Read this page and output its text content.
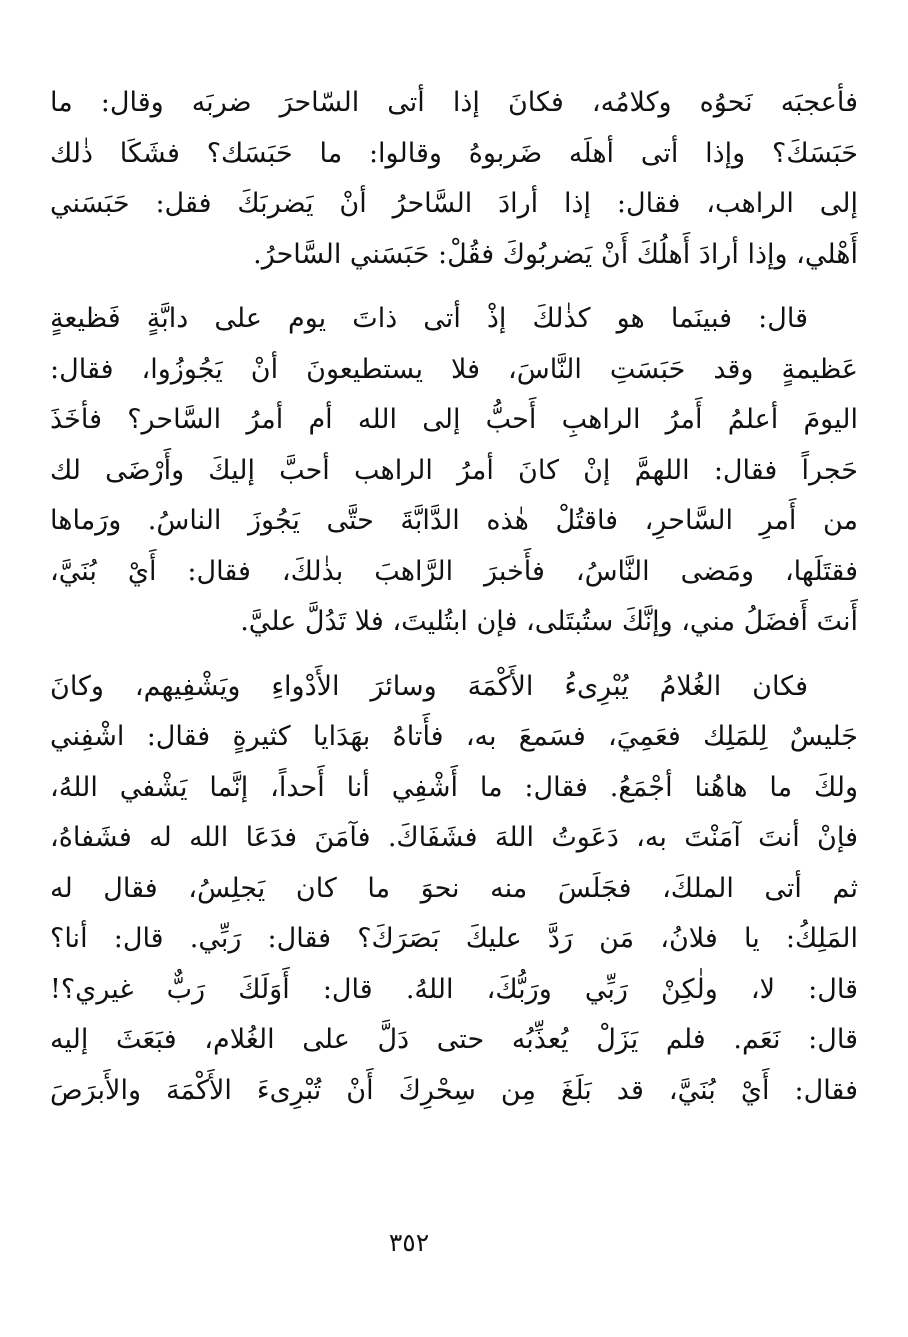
فأعجبَه نَحوُه وكلامُه، فكانَ إذا أتى السّاحرَ ضربَه وقال: ما
حَبَسَكَ؟ وإذا أتى أهلَه ضَربوهُ وقالوا: ما حَبَسَك؟ فشَكَا ذٰلك
إلى الراهب، فقال: إذا أرادَ السَّاحرُ أنْ يَضربَكَ فقل: حَبَسَني
أَهْلي، وإذا أرادَ أَهلُكَ أَنْ يَضربُوكَ فقُلْ: حَبَسَني السَّاحرُ.
قال: فبينَما هو كذٰلكَ إذْ أتى ذاتَ يوم على دابَّةٍ فَظيعةٍ
عَظيمةٍ وقد حَبَسَتِ النَّاسَ، فلا يستطيعونَ أنْ يَجُوزُوا، فقال:
اليومَ أعلمُ أَمرُ الراهبِ أَحبُّ إلى الله أم أمرُ السَّاحر؟ فأخَذَ
حَجراً فقال: اللهمَّ إنْ كانَ أمرُ الراهب أحبَّ إليكَ وأَرْضَى لك
من أَمرِ السَّاحرِ، فاقتُلْ هٰذه الدَّابَّةَ حتَّى يَجُوزَ الناسُ. ورَماها
فقتَلَها، ومَضى النَّاسُ، فأَخبرَ الرَّاهبَ بذٰلكَ، فقال: أَيْ بُنَيَّ،
أَنتَ أَفضَلُ مني، وإنَّكَ ستُبتَلى، فإن ابتُليتَ، فلا تَدُلَّ عليَّ.
فكان الغُلامُ يُبْرِىءُ الأَكْمَهَ وسائرَ الأَدْواءِ ويَشْفِيهم، وكانَ
جَليسٌ لِلمَلِك فعَمِيَ، فسَمعَ به، فأَتاهُ بهَدَايا كثيرةٍ فقال: اشْفِني
ولكَ ما هاهُنا أجْمَعُ. فقال: ما أَشْفِي أنا أَحداً، إنَّما يَشْفي اللهُ،
فإنْ أنتَ آمَنْتَ به، دَعَوتُ اللهَ فشَفَاكَ. فآمَنَ فدَعَا الله له فشَفاهُ،
ثم أتى الملكَ، فجَلَسَ منه نحوَ ما كان يَجلِسُ، فقال له
المَلِكُ: يا فلانُ، مَن رَدَّ عليكَ بَصَرَكَ؟ فقال: رَبِّي. قال: أنا؟
قال: لا، ولٰكِنْ رَبِّي ورَبُّكَ، اللهُ. قال: أَوَلَكَ رَبٌّ غيري؟!
قال: نَعَم. فلم يَزَلْ يُعذِّبُه حتى دَلَّ على الغُلام، فبَعَثَ إليه
فقال: أَيْ بُنَيَّ، قد بَلَغَ مِن سِحْرِكَ أَنْ تُبْرِىءَ الأَكْمَهَ والأَبرَصَ
٣٥٢
